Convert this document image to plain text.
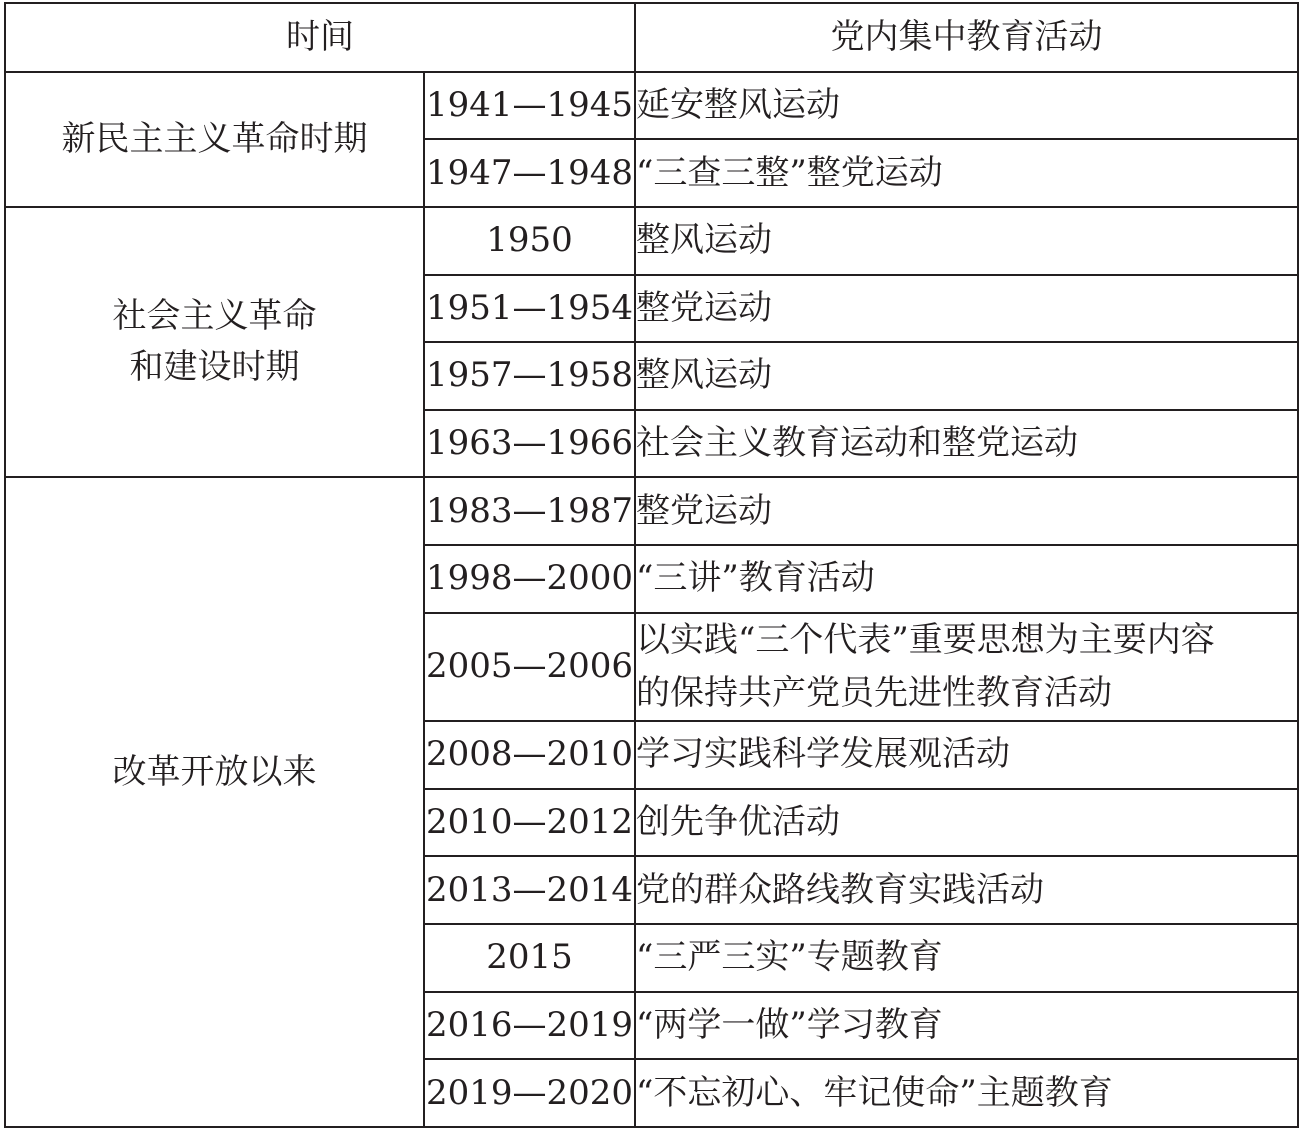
时间		党内集中教育活动
新民主主义革命时期	1941—1945	延安整风运动
	1947—1948	“三查三整”整党运动

社会主义革命
和建设时期	1950	整风运动
	1951—1954	整党运动
	1957—1958	整风运动
	1963—1966	社会主义教育运动和整党运动
改革开放以来	1983—1987	整党运动
	1998—2000	“三讲”教育活动
	2005—2006	以实践“三个代表”重要思想为主要内容
的保持共产党员先进性教育活动

	2008—2010	学习实践科学发展观活动
	2010—2012	创先争优活动
	2013—2014	党的群众路线教育实践活动
	2015	“三严三实”专题教育
	2016—2019	“两学一做”学习教育
	2019—2020	“不忘初心、牢记使命”主题教育
